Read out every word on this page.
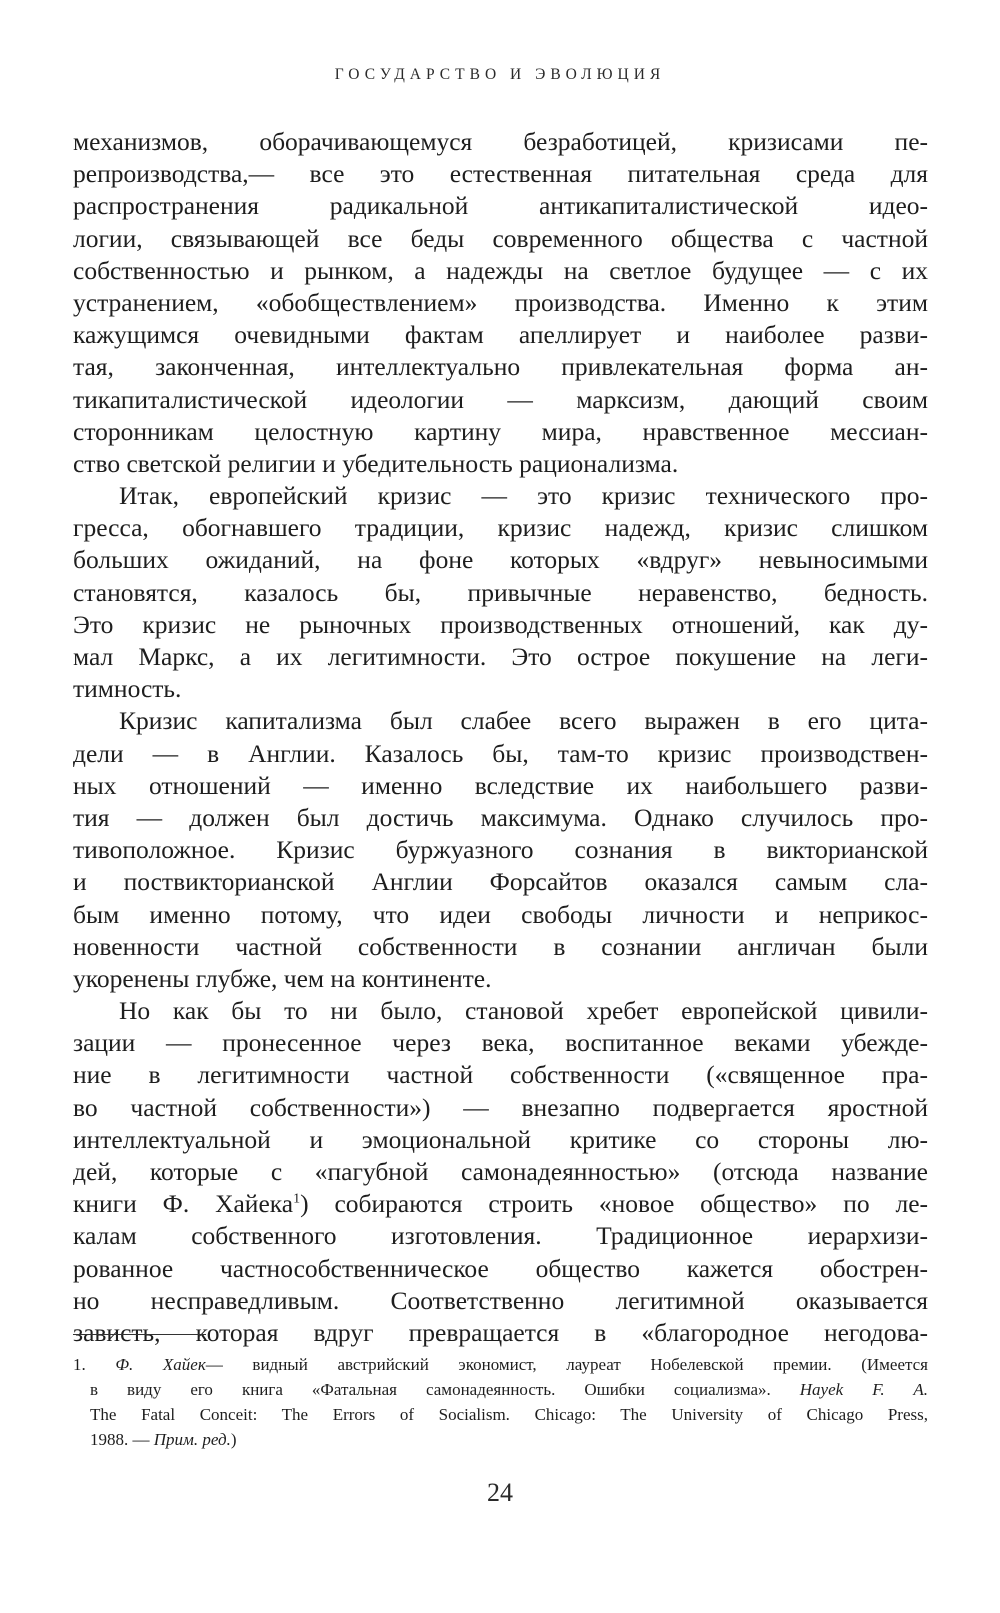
ГОСУДАРСТВО И ЭВОЛЮЦИЯ
механизмов, оборачивающемуся безработицей, кризисами пе-
репроизводства,— все это естественная питательная среда для
распространения радикальной антикапиталистической идео-
логии, связывающей все беды современного общества с частной
собственностью и рынком, а надежды на светлое будущее — с их
устранением, «обобществлением» производства. Именно к этим
кажущимся очевидными фактам апеллирует и наиболее разви-
тая, законченная, интеллектуально привлекательная форма ан-
тикапиталистической идеологии — марксизм, дающий своим
сторонникам целостную картину мира, нравственное мессиан-
ство светской религии и убедительность рационализма.
Итак, европейский кризис — это кризис технического про-
гресса, обогнавшего традиции, кризис надежд, кризис слишком
больших ожиданий, на фоне которых «вдруг» невыносимыми
становятся, казалось бы, привычные неравенство, бедность.
Это кризис не рыночных производственных отношений, как ду-
мал Маркс, а их легитимности. Это острое покушение на леги-
тимность.
Кризис капитализма был слабее всего выражен в его цита-
дели — в Англии. Казалось бы, там-то кризис производствен-
ных отношений — именно вследствие их наибольшего разви-
тия — должен был достичь максимума. Однако случилось про-
тивоположное. Кризис буржуазного сознания в викторианской
и поствикторианской Англии Форсайтов оказался самым сла-
бым именно потому, что идеи свободы личности и неприкос-
новенности частной собственности в сознании англичан были
укоренены глубже, чем на континенте.
Но как бы то ни было, становой хребет европейской цивили-
зации — пронесенное через века, воспитанное веками убежде-
ние в легитимности частной собственности («священное пра-
во частной собственности») — внезапно подвергается яростной
интеллектуальной и эмоциональной критике со стороны лю-
дей, которые с «пагубной самонадеянностью» (отсюда название
книги Ф. Хайека$^1$) собираются строить «новое общество» по ле-
калам собственного изготовления. Традиционное иерархизи-
рованное частнособственническое общество кажется обострен-
но несправедливым. Соответственно легитимной оказывается
зависть, которая вдруг превращается в «благородное негодова-
1. Ф. Хайек— видный австрийский экономист, лауреат Нобелевской премии. (Имеется
в виду его книга «Фатальная самонадеянность. Ошибки социализма». Hayek F. A.
The Fatal Conceit: The Errors of Socialism. Chicago: The University of Chicago Press,
1988. — Прим. ред.)
24
